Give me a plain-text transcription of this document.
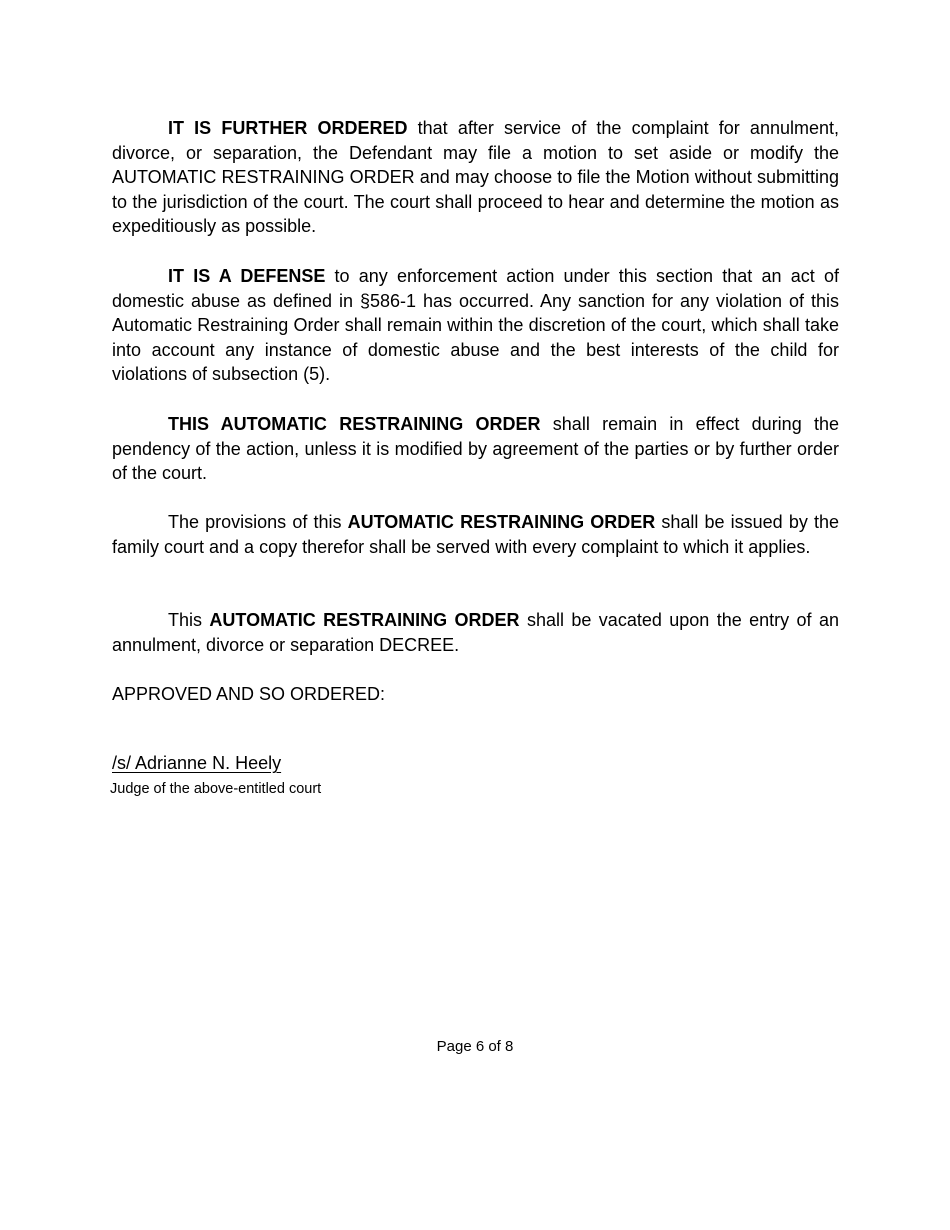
IT IS FURTHER ORDERED that after service of the complaint for annulment, divorce, or separation, the Defendant may file a motion to set aside or modify the AUTOMATIC RESTRAINING ORDER and may choose to file the Motion without submitting to the jurisdiction of the court. The court shall proceed to hear and determine the motion as expeditiously as possible.

IT IS A DEFENSE to any enforcement action under this section that an act of domestic abuse as defined in §586-1 has occurred. Any sanction for any violation of this Automatic Restraining Order shall remain within the discretion of the court, which shall take into account any instance of domestic abuse and the best interests of the child for violations of subsection (5).

THIS AUTOMATIC RESTRAINING ORDER shall remain in effect during the pendency of the action, unless it is modified by agreement of the parties or by further order of the court.

The provisions of this AUTOMATIC RESTRAINING ORDER shall be issued by the family court and a copy therefor shall be served with every complaint to which it applies.

This AUTOMATIC RESTRAINING ORDER shall be vacated upon the entry of an annulment, divorce or separation DECREE.

APPROVED AND SO ORDERED:

/s/ Adrianne N. Heely
Judge of the above-entitled court
Page 6 of 8
